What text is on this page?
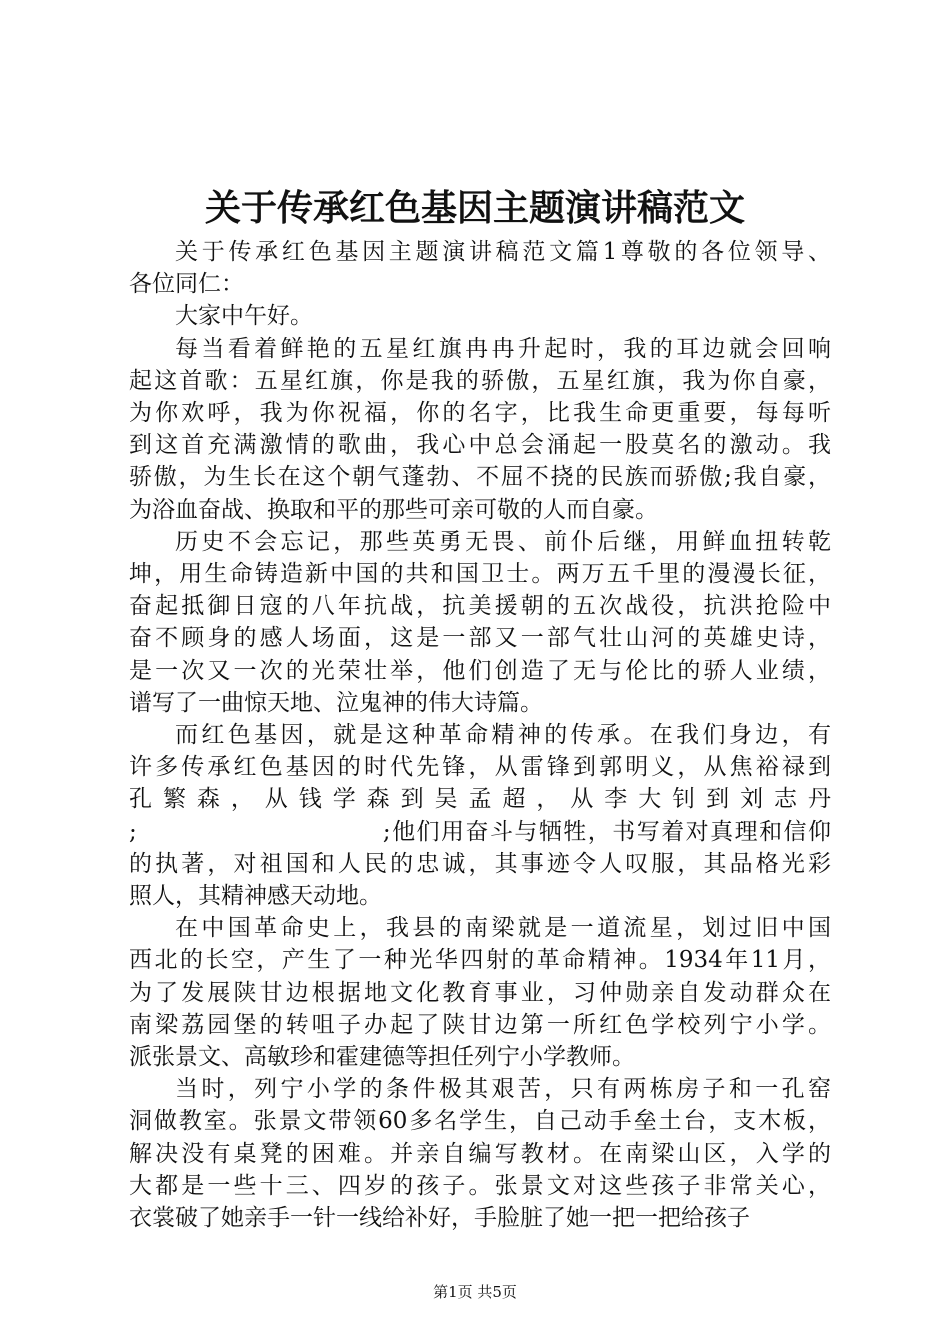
关于传承红色基因主题演讲稿范文

关于传承红色基因主题演讲稿范文篇1尊敬的各位领导、
各位同仁：

大家中午好。

每当看着鲜艳的五星红旗冉冉升起时，我的耳边就会回响
起这首歌：五星红旗，你是我的骄傲，五星红旗，我为你自豪，
为你欢呼，我为你祝福，你的名字，比我生命更重要，每每听
到这首充满激情的歌曲，我心中总会涌起一股莫名的激动。我
骄傲，为生长在这个朝气蓬勃、不屈不挠的民族而骄傲;我自豪，
为浴血奋战、换取和平的那些可亲可敬的人而自豪。

历史不会忘记，那些英勇无畏、前仆后继，用鲜血扭转乾
坤，用生命铸造新中国的共和国卫士。两万五千里的漫漫长征，
奋起抵御日寇的八年抗战，抗美援朝的五次战役，抗洪抢险中
奋不顾身的感人场面，这是一部又一部气壮山河的英雄史诗，
是一次又一次的光荣壮举，他们创造了无与伦比的骄人业绩，
谱写了一曲惊天地、泣鬼神的伟大诗篇。

而红色基因，就是这种革命精神的传承。在我们身边，有
许多传承红色基因的时代先锋，从雷锋到郭明义，从焦裕禄到
孔繁森，从钱学森到吴孟超，从李大钊到刘志丹
;　　　　　　　　　　;他们用奋斗与牺牲，书写着对真理和信仰
的执著，对祖国和人民的忠诚，其事迹令人叹服，其品格光彩
照人，其精神感天动地。

在中国革命史上，我县的南梁就是一道流星，划过旧中国
西北的长空，产生了一种光华四射的革命精神。1934年11月，
为了发展陕甘边根据地文化教育事业，习仲勋亲自发动群众在
南梁荔园堡的转咀子办起了陕甘边第一所红色学校列宁小学。
派张景文、高敏珍和霍建德等担任列宁小学教师。

当时，列宁小学的条件极其艰苦，只有两栋房子和一孔窑
洞做教室。张景文带领60多名学生，自己动手垒土台，支木板，
解决没有桌凳的困难。并亲自编写教材。在南梁山区，入学的
大都是一些十三、四岁的孩子。张景文对这些孩子非常关心，
衣裳破了她亲手一针一线给补好，手脸脏了她一把一把给孩子

第1页 共5页
